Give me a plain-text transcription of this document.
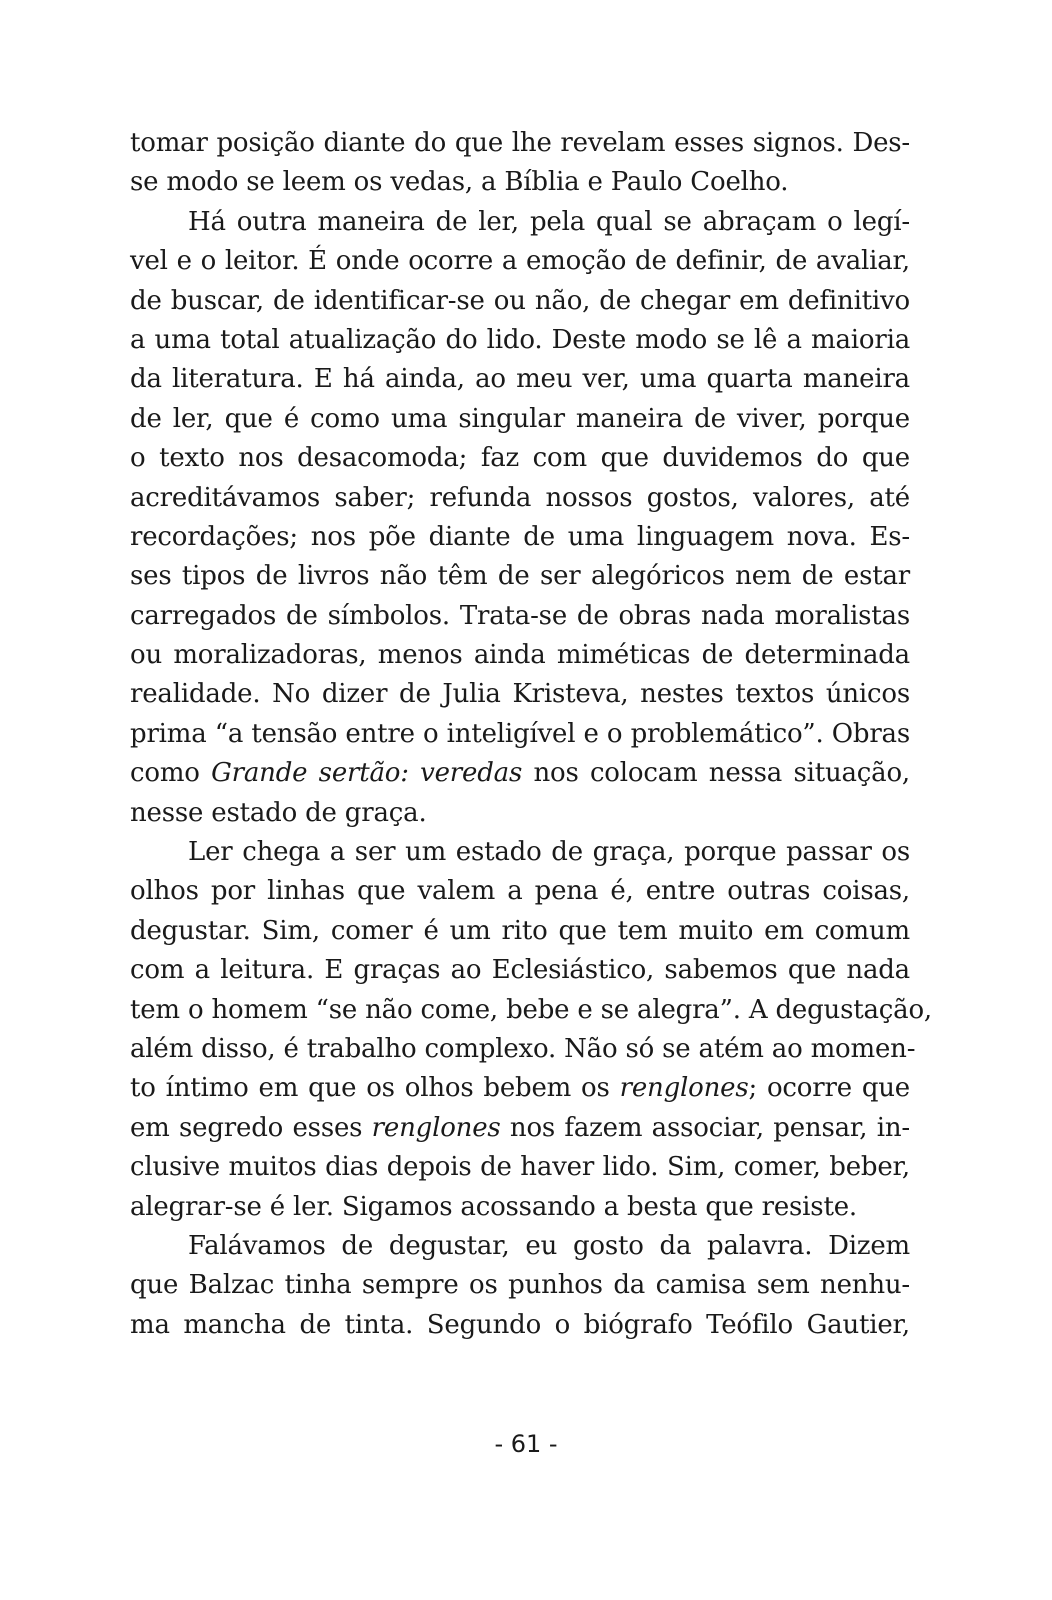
tomar posição diante do que lhe revelam esses signos. Des-
se modo se leem os vedas, a Bíblia e Paulo Coelho.
Há outra maneira de ler, pela qual se abraçam o legí-
vel e o leitor. É onde ocorre a emoção de definir, de avaliar,
de buscar, de identificar-se ou não, de chegar em definitivo
a uma total atualização do lido. Deste modo se lê a maioria
da literatura. E há ainda, ao meu ver, uma quarta maneira
de ler, que é como uma singular maneira de viver, porque
o texto nos desacomoda; faz com que duvidemos do que
acreditávamos saber; refunda nossos gostos, valores, até
recordações; nos põe diante de uma linguagem nova. Es-
ses tipos de livros não têm de ser alegóricos nem de estar
carregados de símbolos. Trata-se de obras nada moralistas
ou moralizadoras, menos ainda miméticas de determinada
realidade. No dizer de Julia Kristeva, nestes textos únicos
prima “a tensão entre o inteligível e o problemático”. Obras
como Grande sertão: veredas nos colocam nessa situação,
nesse estado de graça.
Ler chega a ser um estado de graça, porque passar os
olhos por linhas que valem a pena é, entre outras coisas,
degustar. Sim, comer é um rito que tem muito em comum
com a leitura. E graças ao Eclesiástico, sabemos que nada
tem o homem “se não come, bebe e se alegra”. A degustação,
além disso, é trabalho complexo. Não só se atém ao momen-
to íntimo em que os olhos bebem os renglones; ocorre que
em segredo esses renglones nos fazem associar, pensar, in-
clusive muitos dias depois de haver lido. Sim, comer, beber,
alegrar-se é ler. Sigamos acossando a besta que resiste.
Falávamos de degustar, eu gosto da palavra. Dizem
que Balzac tinha sempre os punhos da camisa sem nenhu-
ma mancha de tinta. Segundo o biógrafo Teófilo Gautier,
- 61 -
